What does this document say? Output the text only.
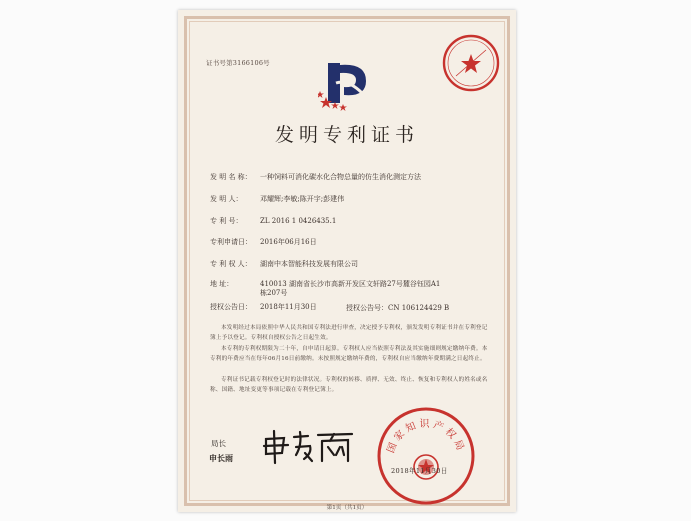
证书号第3166106号
发明专利证书
发 明 名 称： 一种饲料可消化碳水化合物总量的仿生消化测定方法
发 明 人：	邓耀辉;李敏;陈开宇;彭建伟
专 利 号：	ZL 2016 1 0426435.1
专利申请日： 2016年06月16日
专 利 权 人： 湖南中本智能科技发展有限公司
地 址：	410013 湖南省长沙市高新开发区文轩路27号麓谷钰园A1
栋207号
授权公告日： 2018年11月30日	授权公告号：CN 106124429 B
本发明经过本局依照中华人民共和国专利法进行审查，决定授予专利权，颁发发明专利证书并在专利登记簿上予以登记。专利权自授权公告之日起生效。
本专利的专利权期限为二十年，自申请日起算。专利权人应当依照专利法及其实施细则规定缴纳年费。本专利的年费应当在每年06月16日前缴纳。未按照规定缴纳年费的，专利权自应当缴纳年费期满之日起终止。
专利证书记载专利权登记时的法律状况。专利权的转移、质押、无效、终止、恢复和专利权人的姓名或名称、国籍、地址变更等事项记载在专利登记簿上。
局长
申长雨
国家知识产权局
2018年11月30日
第1页（共1页）
